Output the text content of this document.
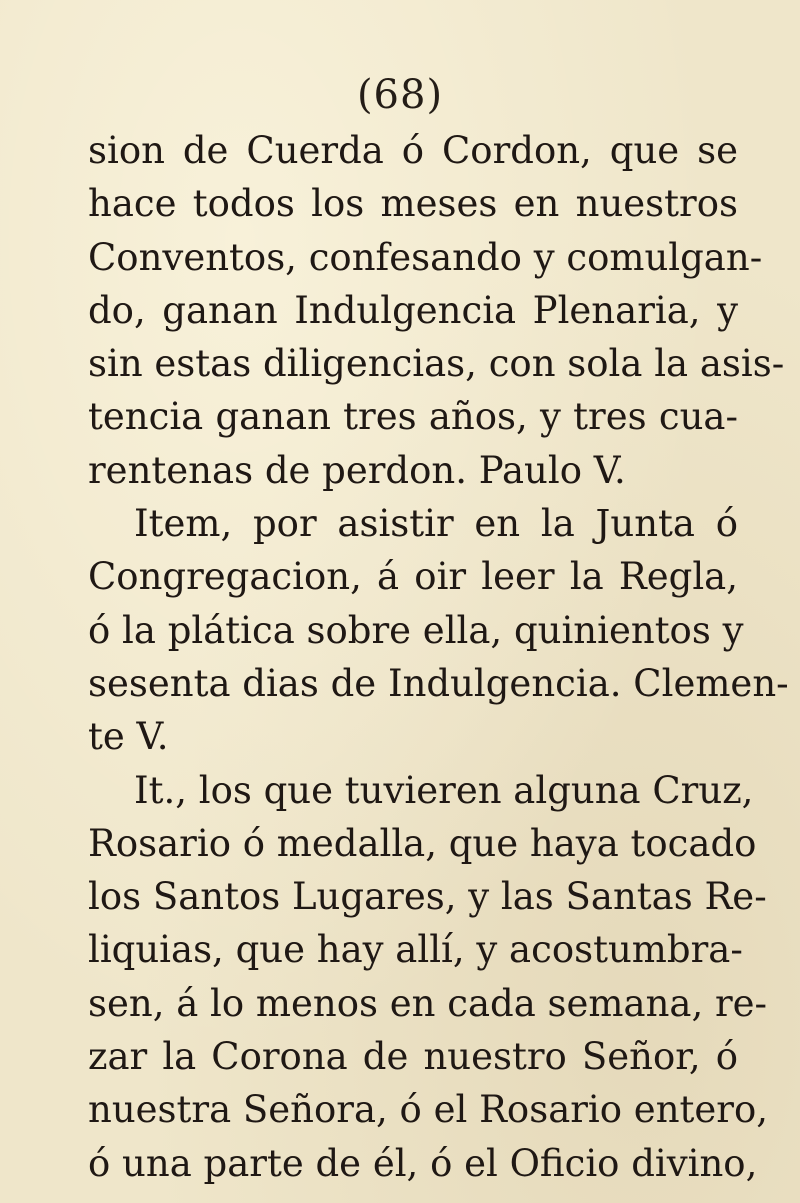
(68)
sion de Cuerda ó Cordon, que se
hace todos los meses en nuestros
Conventos, confesando y comulgan-
do, ganan Indulgencia Plenaria, y
sin estas diligencias, con sola la asis-
tencia ganan tres años, y tres cua-
rentenas de perdon. Paulo V.
Item, por asistir en la Junta ó
Congregacion, á oir leer la Regla,
ó la plática sobre ella, quinientos y
sesenta dias de Indulgencia. Clemen-
te V.
It., los que tuvieren alguna Cruz,
Rosario ó medalla, que haya tocado
los Santos Lugares, y las Santas Re-
liquias, que hay allí, y acostumbra-
sen, á lo menos en cada semana, re-
zar la Corona de nuestro Señor, ó
nuestra Señora, ó el Rosario entero,
ó una parte de él, ó el Oficio divino,
